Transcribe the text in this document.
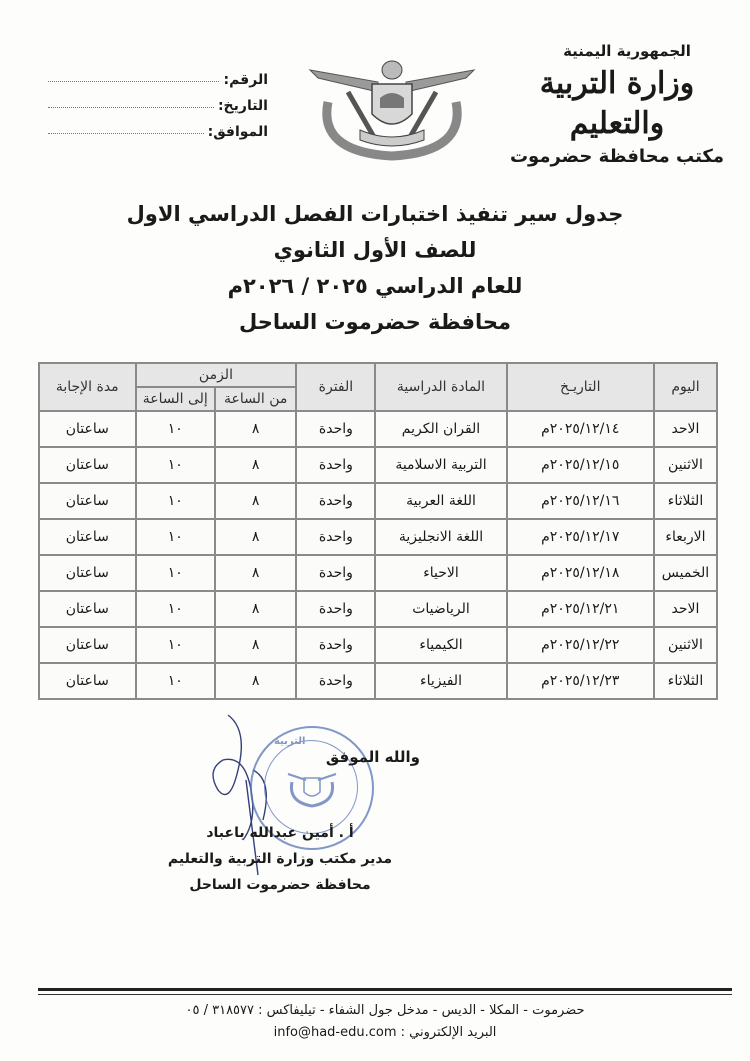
الجمهورية اليمنية
وزارة التربية والتعليم
مكتب محافظة حضرموت
الرقم:
التاريخ:
الموافق:
جدول سير تنفيذ اختبارات الفصل الدراسي الاول
للصف الأول الثانوي
للعام الدراسي ٢٠٢٥ / ٢٠٢٦م
محافظة حضرموت الساحل
اليوم	التاريـخ	المادة الدراسية	الفترة	الزمن		مدة الإجابة
				من الساعة	إلى الساعة	
الاحد	٢٠٢٥/١٢/١٤م	القران الكريم	واحدة	٨	١٠	ساعتان
الاثنين	٢٠٢٥/١٢/١٥م	التربية الاسلامية	واحدة	٨	١٠	ساعتان
الثلاثاء	٢٠٢٥/١٢/١٦م	اللغة العربية	واحدة	٨	١٠	ساعتان
الاربعاء	٢٠٢٥/١٢/١٧م	اللغة الانجليزية	واحدة	٨	١٠	ساعتان
الخميس	٢٠٢٥/١٢/١٨م	الاحياء	واحدة	٨	١٠	ساعتان
الاحد	٢٠٢٥/١٢/٢١م	الرياضيات	واحدة	٨	١٠	ساعتان
الاثنين	٢٠٢٥/١٢/٢٢م	الكيمياء	واحدة	٨	١٠	ساعتان
الثلاثاء	٢٠٢٥/١٢/٢٣م	الفيزياء	واحدة	٨	١٠	ساعتان
التربية
والله الموفق
أ . أمين عبدالله باعباد
مدير مكتب وزارة التربية والتعليم
محافظة حضرموت الساحل
حضرموت - المكلا - الديس - مدخل جول الشفاء - تيليفاكس : ٣١٨٥٧٧ / ٠٥
البريد الإلكتروني : info@had-edu.com
